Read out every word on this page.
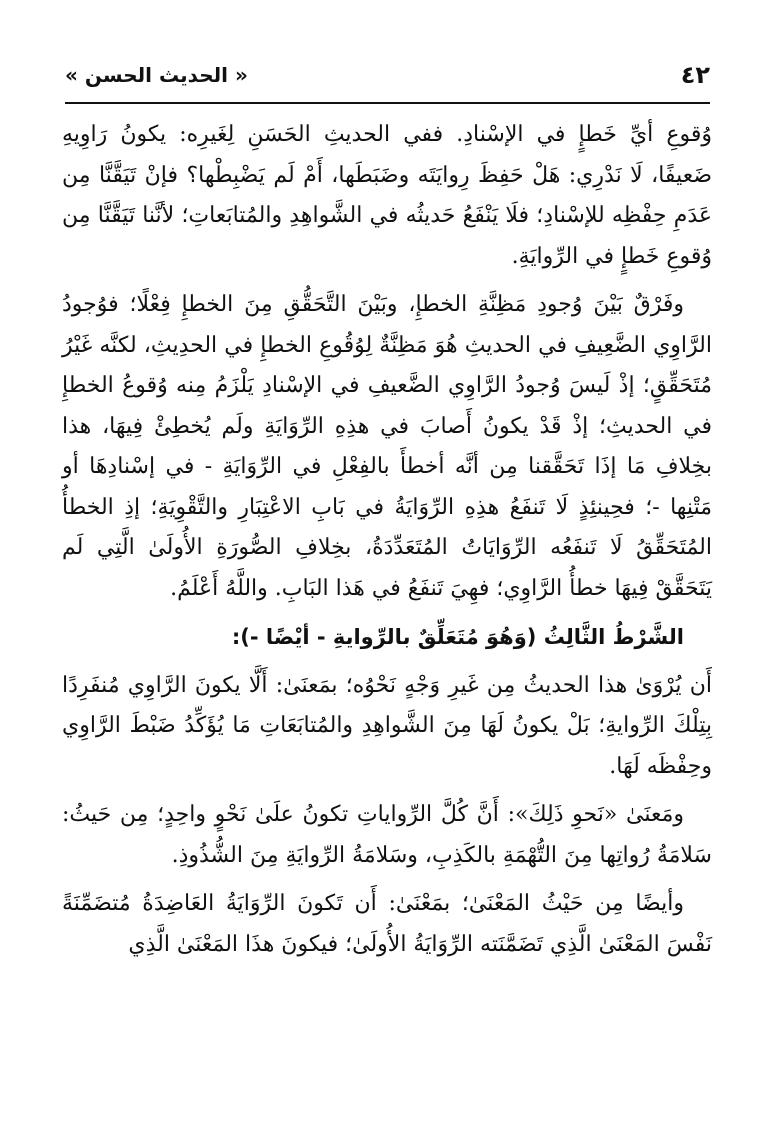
٤٢
« الحديث الحسن »

وُقوعِ أيِّ خَطإٍ في الإسْنادِ. ففي الحديثِ الحَسَنِ لِغَيرِه: يكونُ رَاوِيهِ ضَعيفًا، لَا نَدْرِي: هَلْ حَفِظَ رِوايَتَه وضَبَطَها، أَمْ لَم يَضْبِطْها؟ فإنْ تَيَقَّنَّا مِن عَدَمِ حِفْظِه للإسْنادِ؛ فلَا يَنْفَعُ حَديثُه في الشَّواهِدِ والمُتابَعاتِ؛ لأنَّنا تَيَقَّنَّا مِن وُقوعِ خَطإٍ في الرِّوايَةِ.

وفَرْقٌ بَيْنَ وُجودِ مَظِنَّةِ الخطإِ، وبَيْنَ التَّحَقُّقِ مِنَ الخطإِ فِعْلًا؛ فوُجودُ الرَّاوِي الضَّعِيفِ في الحديثِ هُوَ مَظِنَّةٌ لِوُقُوعِ الخطإِ في الحدِيثِ، لكنَّه غَيْرُ مُتَحَقِّقٍ؛ إذْ لَيسَ وُجودُ الرَّاوِي الضَّعيفِ في الإسْنادِ يَلْزَمُ مِنه وُقوعُ الخطإِ في الحديثِ؛ إذْ قَدْ يكونُ أَصابَ في هذِهِ الرِّوَايَةِ ولَم يُخطِئْ فِيهَا، هذا بخِلافِ مَا إذَا تَحَقَّقنا مِن أنَّه أخطأَ بالفِعْلِ في الرِّوَايَةِ - في إسْنادِهَا أو مَتْنِها -؛ فحِينئِذٍ لَا تَنفَعُ هذِهِ الرِّوَايَةُ في بَابِ الاعْتِبَارِ والتَّقْوِيَةِ؛ إذِ الخطأُ المُتَحَقِّقُ لَا تَنفَعُه الرِّوَايَاتُ المُتَعَدِّدَةُ، بخِلافِ الصُّورَةِ الأُولَىٰ الَّتِي لَم يَتَحَقَّقْ فِيهَا خطأُ الرَّاوِي؛ فهِيَ تَنفَعُ في هَذا البَابِ. واللَّهُ أَعْلَمُ.

الشَّرْطُ الثَّالِثُ (وَهُوَ مُتَعَلِّقٌ بالرِّوايةِ - أيْضًا -):

أَن يُرْوَىٰ هذا الحديثُ مِن غَيرِ وَجْهٍ نَحْوُه؛ بمَعنَىٰ: أَلَّا يكونَ الرَّاوِي مُنفَرِدًا بِتِلْكَ الرِّوايةِ؛ بَلْ يكونُ لَهَا مِنَ الشَّواهِدِ والمُتابَعَاتِ مَا يُؤَكِّدُ ضَبْطَ الرَّاوِي وحِفْظَه لَهَا.

ومَعنَىٰ «نَحوِ ذَلِكَ»: أَنَّ كُلَّ الرِّواياتِ تكونُ علَىٰ نَحْوٍ واحِدٍ؛ مِن حَيثُ: سَلامَةُ رُواتِها مِنَ التُّهْمَةِ بالكَذِبِ، وسَلامَةُ الرِّوايَةِ مِنَ الشُّذُوذِ.

وأيضًا مِن حَيْثُ المَعْنَىٰ؛ بمَعْنَىٰ: أَن تَكونَ الرِّوَايَةُ العَاضِدَةُ مُتضَمِّنَةً نَفْسَ المَعْنَىٰ الَّذِي تَضَمَّنَته الرِّوَايَةُ الأُولَىٰ؛ فيكونَ هذَا المَعْنَىٰ الَّذِي
